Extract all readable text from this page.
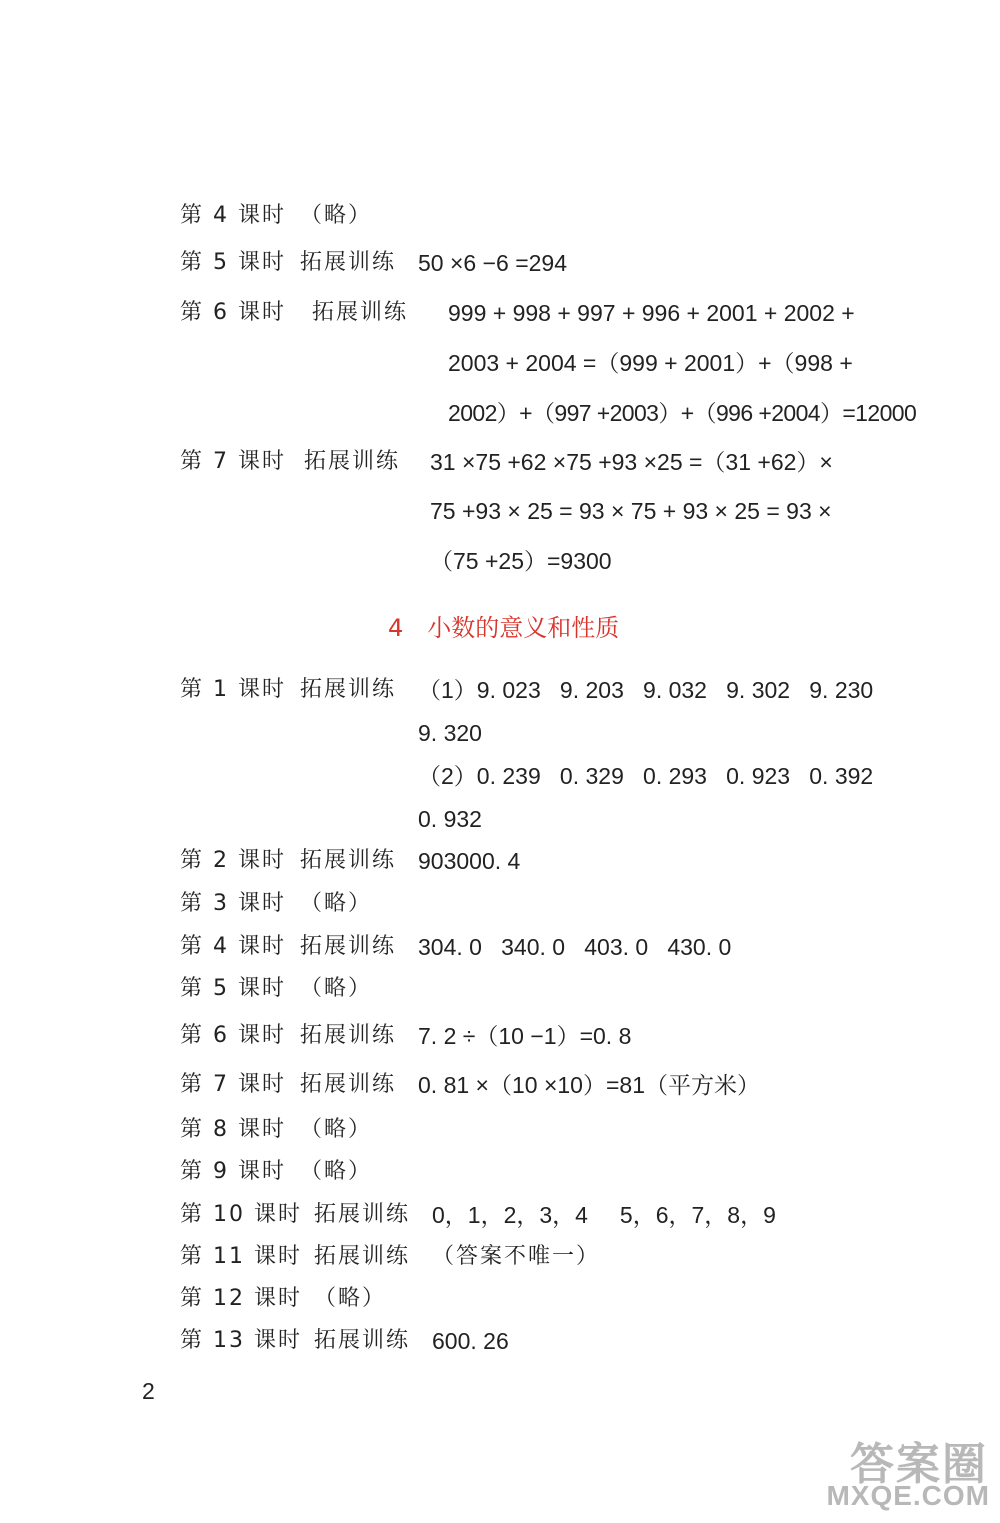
第 4 课时 （略）
第 5 课时 拓展训练 50 ×6 −6 =294
第 6 课时 拓展训练 999 + 998 + 997 + 996 + 2001 + 2002 +
2003 + 2004 =（999 + 2001）+（998 +
2002）+（997 +2003）+（996 +2004）=12000
第 7 课时 拓展训练 31 ×75 +62 ×75 +93 ×25 =（31 +62）×
75 +93 × 25 = 93 × 75 + 93 × 25 = 93 ×
（75 +25）=9300
4 小数的意义和性质
第 1 课时 拓展训练 （1）9. 023   9. 203   9. 032   9. 302   9. 230
9. 320
（2）0. 239   0. 329   0. 293   0. 923   0. 392
0. 932
第 2 课时 拓展训练 903000. 4
第 3 课时 （略）
第 4 课时 拓展训练 304. 0   340. 0   403. 0   430. 0
第 5 课时 （略）
第 6 课时 拓展训练 7. 2 ÷（10 −1）=0. 8
第 7 课时 拓展训练 0. 81 ×（10 ×10）=81（平方米）
第 8 课时 （略）
第 9 课时 （略）
第 10 课时 拓展训练 0，1，2，3，4     5，6，7，8，9
第 11 课时 拓展训练 （答案不唯一）
第 12 课时 （略）
第 13 课时 拓展训练 600. 26
2
答案圈
MXQE.COM
